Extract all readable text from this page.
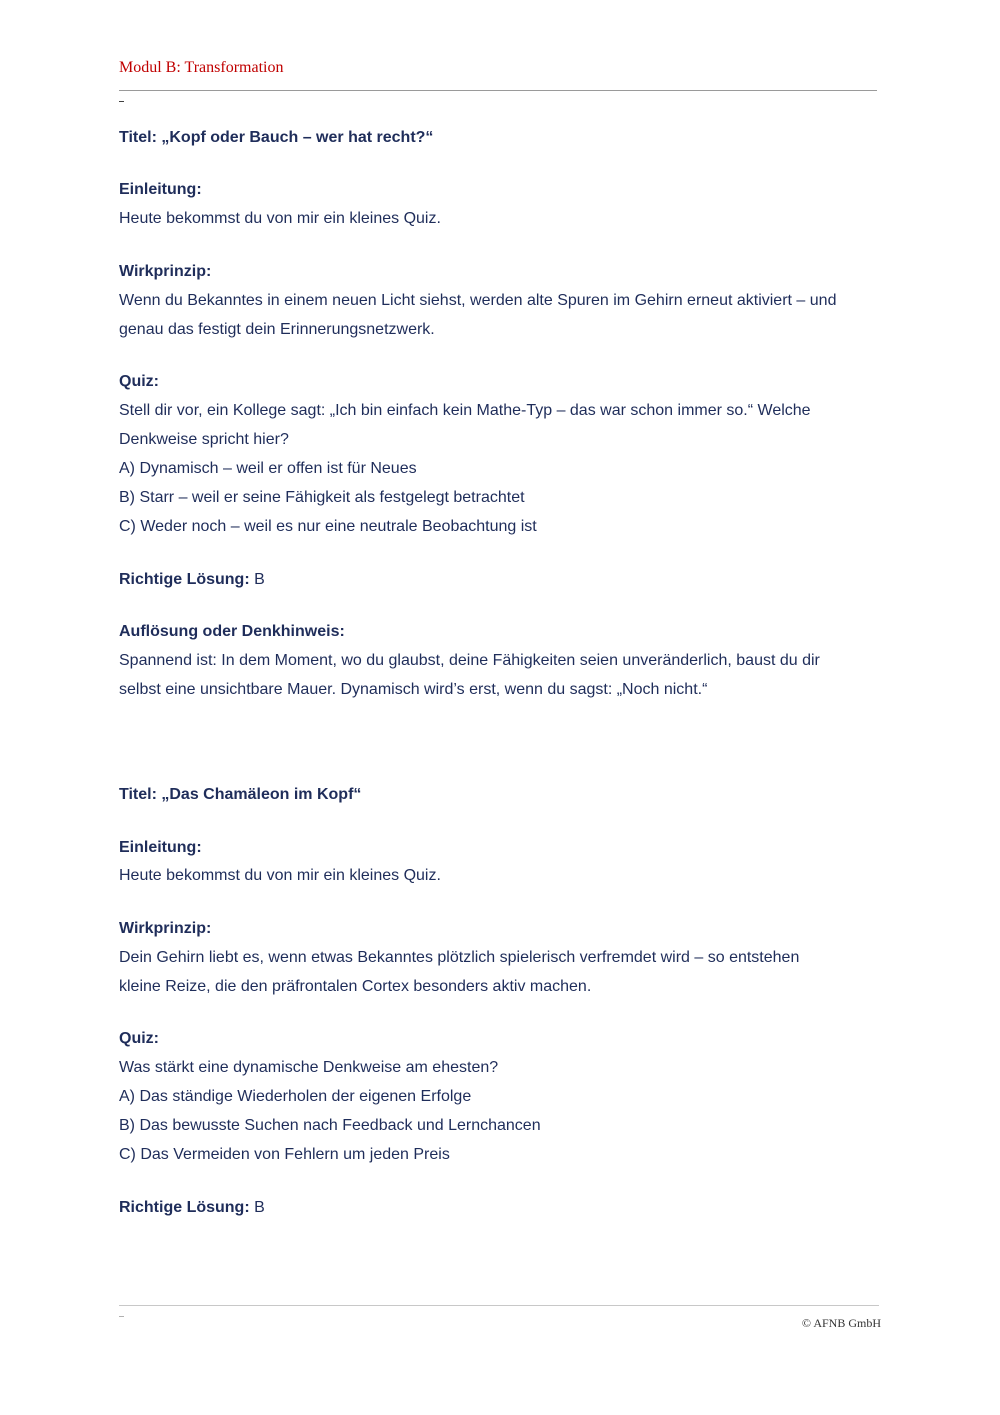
Modul B: Transformation
Titel: „Kopf oder Bauch – wer hat recht?“
Einleitung:
Heute bekommst du von mir ein kleines Quiz.
Wirkprinzip:
Wenn du Bekanntes in einem neuen Licht siehst, werden alte Spuren im Gehirn erneut aktiviert – und
genau das festigt dein Erinnerungsnetzwerk.
Quiz:
Stell dir vor, ein Kollege sagt: „Ich bin einfach kein Mathe-Typ – das war schon immer so.“ Welche
Denkweise spricht hier?
A) Dynamisch – weil er offen ist für Neues
B) Starr – weil er seine Fähigkeit als festgelegt betrachtet
C) Weder noch – weil es nur eine neutrale Beobachtung ist
Richtige Lösung: B
Auflösung oder Denkhinweis:
Spannend ist: In dem Moment, wo du glaubst, deine Fähigkeiten seien unveränderlich, baust du dir
selbst eine unsichtbare Mauer. Dynamisch wird’s erst, wenn du sagst: „Noch nicht.“
Titel: „Das Chamäleon im Kopf“
Einleitung:
Heute bekommst du von mir ein kleines Quiz.
Wirkprinzip:
Dein Gehirn liebt es, wenn etwas Bekanntes plötzlich spielerisch verfremdet wird – so entstehen
kleine Reize, die den präfrontalen Cortex besonders aktiv machen.
Quiz:
Was stärkt eine dynamische Denkweise am ehesten?
A) Das ständige Wiederholen der eigenen Erfolge
B) Das bewusste Suchen nach Feedback und Lernchancen
C) Das Vermeiden von Fehlern um jeden Preis
Richtige Lösung: B
© AFNB GmbH
